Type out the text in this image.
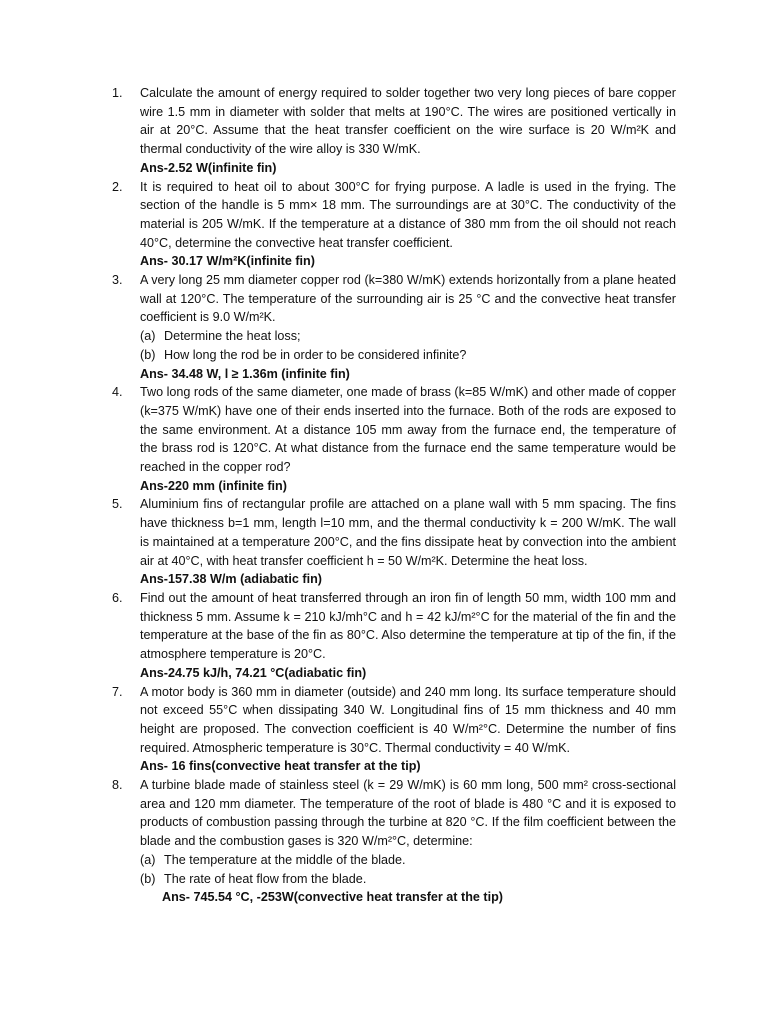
1.	Calculate the amount of energy required to solder together two very long pieces of bare copper wire 1.5 mm in diameter with solder that melts at 190°C. The wires are positioned vertically in air at 20°C. Assume that the heat transfer coefficient on the wire surface is 20 W/m²K and thermal conductivity of the wire alloy is 330 W/mK.
Ans-2.52 W(infinite fin)
2.	It is required to heat oil to about 300°C for frying purpose. A ladle is used in the frying. The section of the handle is 5 mm× 18 mm. The surroundings are at 30°C. The conductivity of the material is 205 W/mK. If the temperature at a distance of 380 mm from the oil should not reach 40°C, determine the convective heat transfer coefficient.
Ans- 30.17 W/m²K(infinite fin)
3.	A very long 25 mm diameter copper rod (k=380 W/mK) extends horizontally from a plane heated wall at 120°C. The temperature of the surrounding air is 25 °C and the convective heat transfer coefficient is 9.0 W/m²K.
(a) Determine the heat loss;
(b) How long the rod be in order to be considered infinite?
Ans- 34.48 W, l ≥ 1.36m (infinite fin)
4.	Two long rods of the same diameter, one made of brass (k=85 W/mK) and other made of copper (k=375 W/mK) have one of their ends inserted into the furnace. Both of the rods are exposed to the same environment. At a distance 105 mm away from the furnace end, the temperature of the brass rod is 120°C. At what distance from the furnace end the same temperature would be reached in the copper rod?
Ans-220 mm (infinite fin)
5.	Aluminium fins of rectangular profile are attached on a plane wall with 5 mm spacing. The fins have thickness b=1 mm, length l=10 mm, and the thermal conductivity k = 200 W/mK. The wall is maintained at a temperature 200°C, and the fins dissipate heat by convection into the ambient air at 40°C, with heat transfer coefficient h = 50 W/m²K. Determine the heat loss.
Ans-157.38 W/m (adiabatic fin)
6.	Find out the amount of heat transferred through an iron fin of length 50 mm, width 100 mm and thickness 5 mm. Assume k = 210 kJ/mh°C and h = 42 kJ/m²°C for the material of the fin and the temperature at the base of the fin as 80°C. Also determine the temperature at tip of the fin, if the atmosphere temperature is 20°C.
Ans-24.75 kJ/h, 74.21 °C(adiabatic fin)
7.	A motor body is 360 mm in diameter (outside) and 240 mm long. Its surface temperature should not exceed 55°C when dissipating 340 W. Longitudinal fins of 15 mm thickness and 40 mm height are proposed. The convection coefficient is 40 W/m²°C. Determine the number of fins required. Atmospheric temperature is 30°C. Thermal conductivity = 40 W/mK.
Ans- 16 fins(convective heat transfer at the tip)
8.	A turbine blade made of stainless steel (k = 29 W/mK) is 60 mm long, 500 mm² cross-sectional area and 120 mm diameter. The temperature of the root of blade is 480 °C and it is exposed to products of combustion passing through the turbine at 820 °C. If the film coefficient between the blade and the combustion gases is 320 W/m²°C, determine:
(a) The temperature at the middle of the blade.
(b) The rate of heat flow from the blade.
Ans- 745.54 °C, -253W(convective heat transfer at the tip)
